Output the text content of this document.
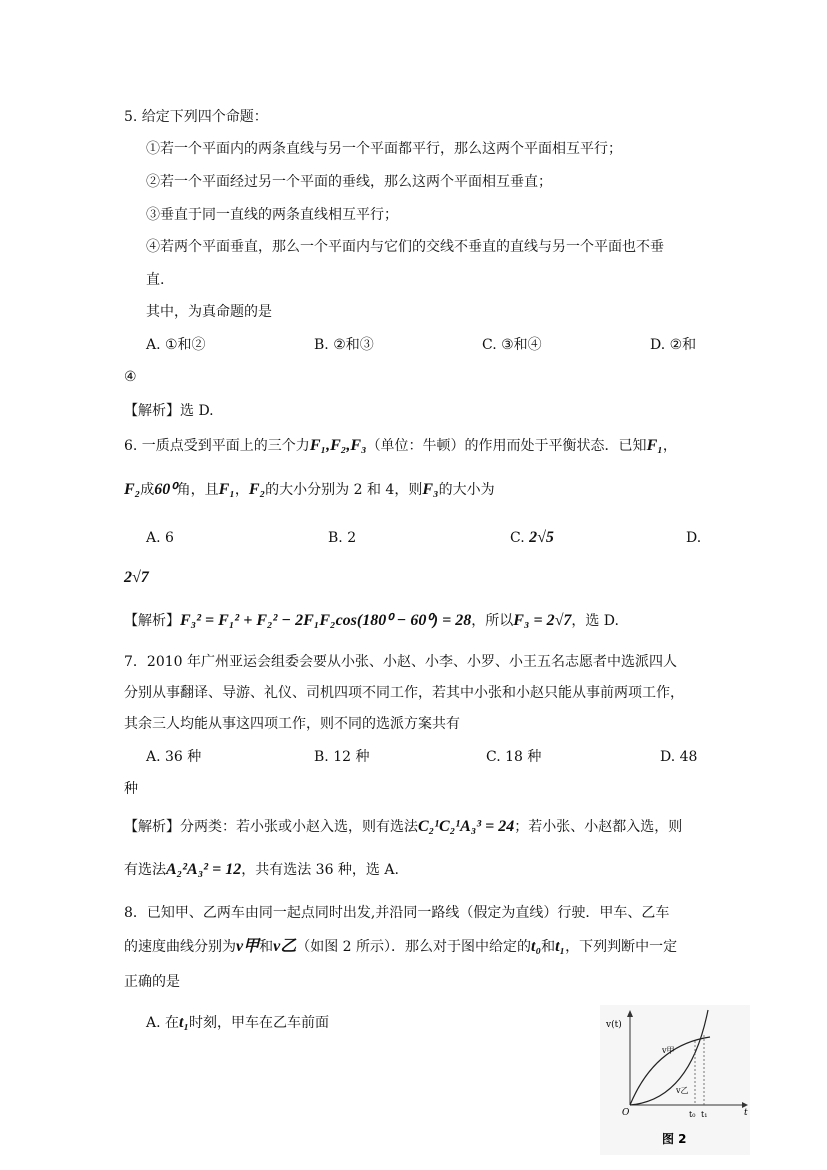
5. 给定下列四个命题：
①若一个平面内的两条直线与另一个平面都平行，那么这两个平面相互平行；
②若一个平面经过另一个平面的垂线，那么这两个平面相互垂直；
③垂直于同一直线的两条直线相互平行；
④若两个平面垂直，那么一个平面内与它们的交线不垂直的直线与另一个平面也不垂
直.
其中，为真命题的是
A. ①和②	B. ②和③	C. ③和④	D. ②和
④
【解析】选 D.
6. 一质点受到平面上的三个力F₁,F₂,F₃（单位：牛顿）的作用而处于平衡状态．已知F₁，
F₂成60⁰角，且F₁，F₂的大小分别为 2 和 4，则F₃的大小为
A. 6	B. 2	C. 2√5	D.
2√7
【解析】F₃² = F₁² + F₂² − 2F₁F₂cos(180⁰ − 60⁰) = 28，所以F₃ = 2√7，选 D.
7．2010 年广州亚运会组委会要从小张、小赵、小李、小罗、小王五名志愿者中选派四人
分别从事翻译、导游、礼仪、司机四项不同工作，若其中小张和小赵只能从事前两项工作，
其余三人均能从事这四项工作，则不同的选派方案共有
A. 36 种	B. 12 种	C. 18 种	D. 48
种
【解析】分两类：若小张或小赵入选，则有选法C₂¹C₂¹A₃³ = 24；若小张、小赵都入选，则
有选法A₂²A₃² = 12，共有选法 36 种，选 A.
8．已知甲、乙两车由同一起点同时出发,并沿同一路线（假定为直线）行驶．甲车、乙车
的速度曲线分别为v甲和v乙（如图 2 所示）．那么对于图中给定的t₀和t₁，下列判断中一定
正确的是
A. 在t₁时刻，甲车在乙车前面	v(t)
t
O
v甲
v乙
t₀ t₁
图 2
